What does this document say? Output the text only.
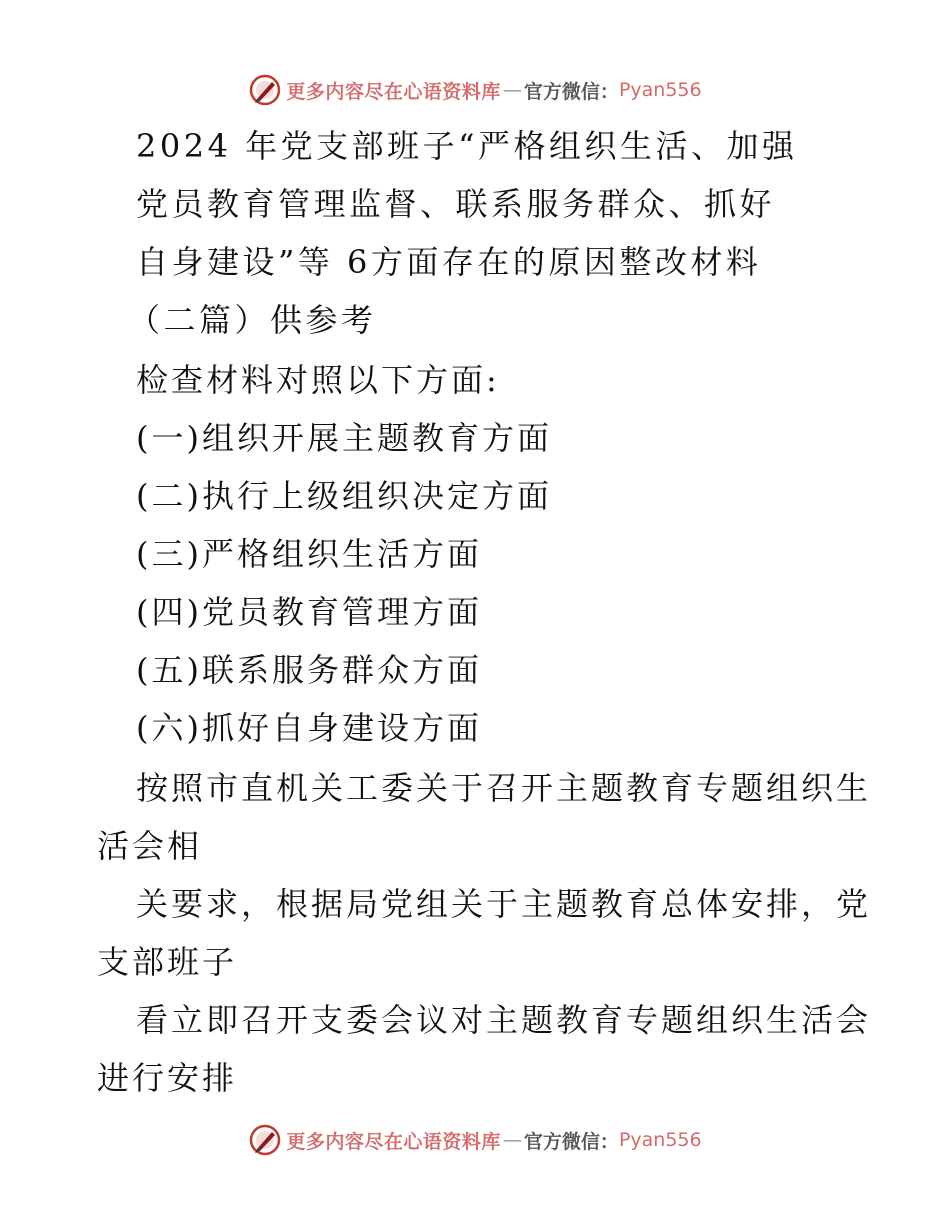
更多内容尽在心语资料库 — 官方微信： Pyan556
2024 年党支部班子“严格组织生活、加强
党员教育管理监督、联系服务群众、抓好
自身建设”等 6方面存在的原因整改材料
（二篇）供参考
检查材料对照以下方面:
(一)组织开展主题教育方面
(二)执行上级组织决定方面
(三)严格组织生活方面
(四)党员教育管理方面
(五)联系服务群众方面
(六)抓好自身建设方面
按照市直机关工委关于召开主题教育专题组织生
活会相
关要求，根据局党组关于主题教育总体安排，党
支部班子
看立即召开支委会议对主题教育专题组织生活会
进行安排
更多内容尽在心语资料库 — 官方微信： Pyan556
